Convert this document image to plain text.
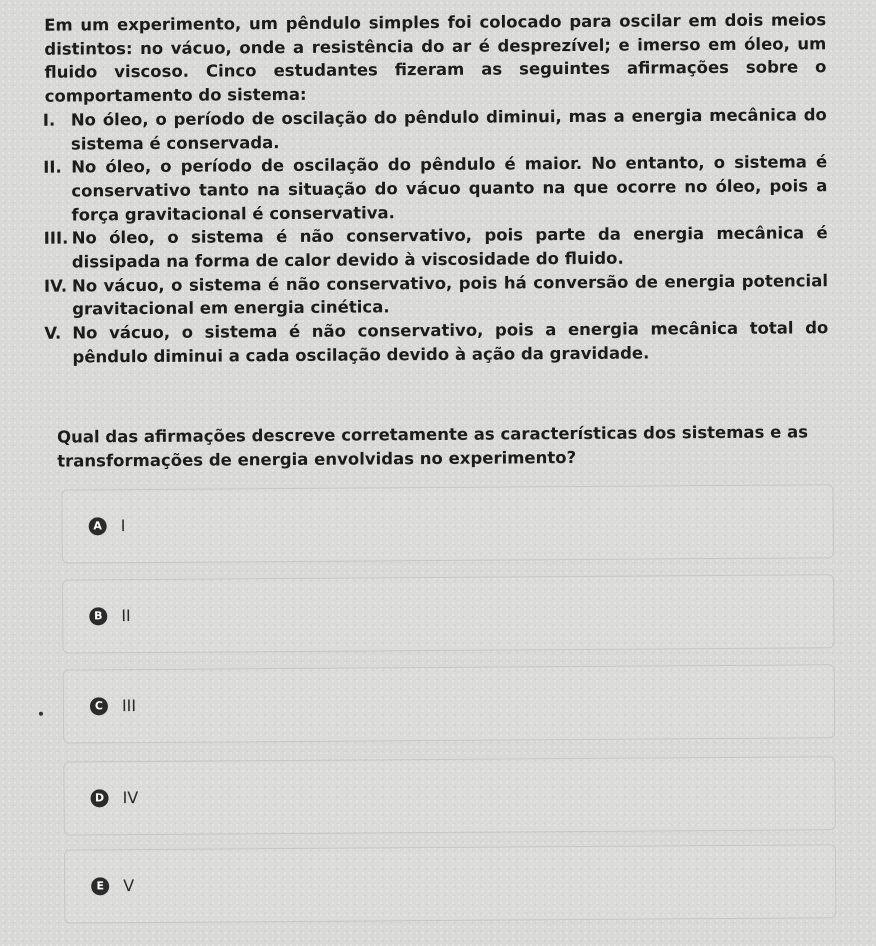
Em um experimento, um pêndulo simples foi colocado para oscilar em dois meios distintos: no vácuo, onde a resistência do ar é desprezível; e imerso em óleo, um fluido viscoso. Cinco estudantes fizeram as seguintes afirmações sobre o comportamento do sistema:

I. No óleo, o período de oscilação do pêndulo diminui, mas a energia mecânica do sistema é conservada.
II. No óleo, o período de oscilação do pêndulo é maior. No entanto, o sistema é conservativo tanto na situação do vácuo quanto na que ocorre no óleo, pois a força gravitacional é conservativa.
III. No óleo, o sistema é não conservativo, pois parte da energia mecânica é dissipada na forma de calor devido à viscosidade do fluido.
IV. No vácuo, o sistema é não conservativo, pois há conversão de energia potencial gravitacional em energia cinética.
V. No vácuo, o sistema é não conservativo, pois a energia mecânica total do pêndulo diminui a cada oscilação devido à ação da gravidade.
Qual das afirmações descreve corretamente as características dos sistemas e as transformações de energia envolvidas no experimento?
A I
B	II
C	III
D IV
E	V
